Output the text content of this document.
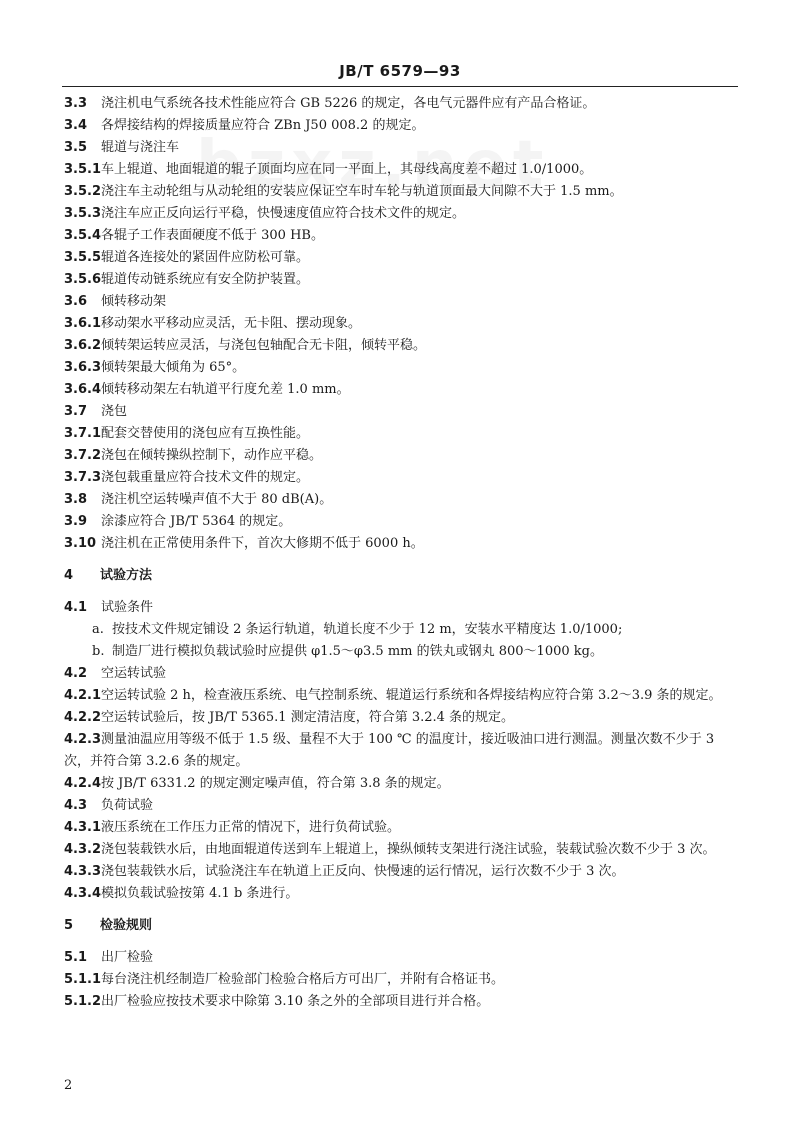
JB/T 6579—93
3.3 浇注机电气系统各技术性能应符合 GB 5226 的规定，各电气元器件应有产品合格证。
3.4 各焊接结构的焊接质量应符合 ZBn J50 008.2 的规定。
3.5 辊道与浇注车
3.5.1车上辊道、地面辊道的辊子顶面均应在同一平面上，其母线高度差不超过 1.0/1000。
3.5.2浇注车主动轮组与从动轮组的安装应保证空车时车轮与轨道顶面最大间隙不大于 1.5 mm。
3.5.3浇注车应正反向运行平稳，快慢速度值应符合技术文件的规定。
3.5.4各辊子工作表面硬度不低于 300 HB。
3.5.5辊道各连接处的紧固件应防松可靠。
3.5.6辊道传动链系统应有安全防护装置。
3.6 倾转移动架
3.6.1移动架水平移动应灵活，无卡阻、摆动现象。
3.6.2倾转架运转应灵活，与浇包包轴配合无卡阻，倾转平稳。
3.6.3倾转架最大倾角为 65°。
3.6.4倾转移动架左右轨道平行度允差 1.0 mm。
3.7 浇包
3.7.1配套交替使用的浇包应有互换性能。
3.7.2浇包在倾转操纵控制下，动作应平稳。
3.7.3浇包载重量应符合技术文件的规定。
3.8 浇注机空运转噪声值不大于 80 dB(A)。
3.9 涂漆应符合 JB/T 5364 的规定。
3.10 浇注机在正常使用条件下，首次大修期不低于 6000 h。
4 试验方法
4.1 试验条件
a. 按技术文件规定铺设 2 条运行轨道，轨道长度不少于 12 m，安装水平精度达 1.0/1000;
b. 制造厂进行模拟负载试验时应提供 φ1.5～φ3.5 mm 的铁丸或钢丸 800～1000 kg。
4.2 空运转试验
4.2.1空运转试验 2 h，检查液压系统、电气控制系统、辊道运行系统和各焊接结构应符合第 3.2～3.9 条的规定。
4.2.2空运转试验后，按 JB/T 5365.1 测定清洁度，符合第 3.2.4 条的规定。
4.2.3测量油温应用等级不低于 1.5 级、量程不大于 100 ℃ 的温度计，接近吸油口进行测温。测量次数不少于 3 次，并符合第 3.2.6 条的规定。
4.2.4按 JB/T 6331.2 的规定测定噪声值，符合第 3.8 条的规定。
4.3 负荷试验
4.3.1液压系统在工作压力正常的情况下，进行负荷试验。
4.3.2浇包装载铁水后，由地面辊道传送到车上辊道上，操纵倾转支架进行浇注试验，装载试验次数不少于 3 次。
4.3.3浇包装载铁水后，试验浇注车在轨道上正反向、快慢速的运行情况，运行次数不少于 3 次。
4.3.4模拟负载试验按第 4.1 b 条进行。
5 检验规则
5.1 出厂检验
5.1.1每台浇注机经制造厂检验部门检验合格后方可出厂，并附有合格证书。
5.1.2出厂检验应按技术要求中除第 3.10 条之外的全部项目进行并合格。
2
